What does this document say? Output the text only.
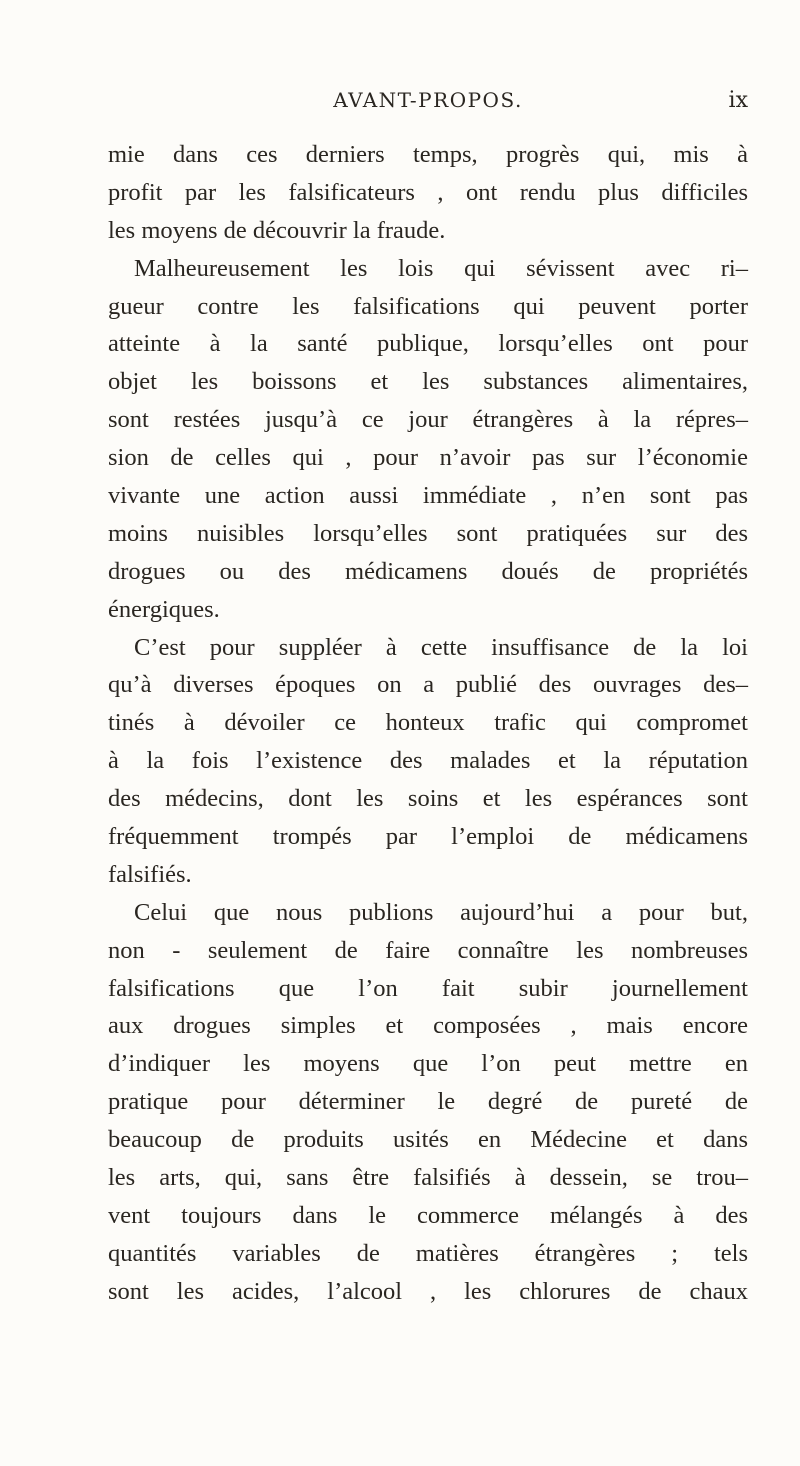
AVANT-PROPOS.	ix
mie dans ces derniers temps, progrès qui, mis à
profit par les falsificateurs , ont rendu plus difficiles
les moyens de découvrir la fraude.
Malheureusement les lois qui sévissent avec ri–
gueur contre les falsifications qui peuvent porter
atteinte à la santé publique, lorsqu’elles ont pour
objet les boissons et les substances alimentaires,
sont restées jusqu’à ce jour étrangères à la répres–
sion de celles qui , pour n’avoir pas sur l’économie
vivante une action aussi immédiate , n’en sont pas
moins nuisibles lorsqu’elles sont pratiquées sur des
drogues ou des médicamens doués de propriétés
énergiques.
C’est pour suppléer à cette insuffisance de la loi
qu’à diverses époques on a publié des ouvrages des–
tinés à dévoiler ce honteux trafic qui compromet
à la fois l’existence des malades et la réputation
des médecins, dont les soins et les espérances sont
fréquemment trompés par l’emploi de médicamens
falsifiés.
Celui que nous publions aujourd’hui a pour but,
non - seulement de faire connaître les nombreuses
falsifications que l’on fait subir journellement
aux drogues simples et composées , mais encore
d’indiquer les moyens que l’on peut mettre en
pratique pour déterminer le degré de pureté de
beaucoup de produits usités en Médecine et dans
les arts, qui, sans être falsifiés à dessein, se trou–
vent toujours dans le commerce mélangés à des
quantités variables de matières étrangères ; tels
sont les acides, l’alcool , les chlorures de chaux
